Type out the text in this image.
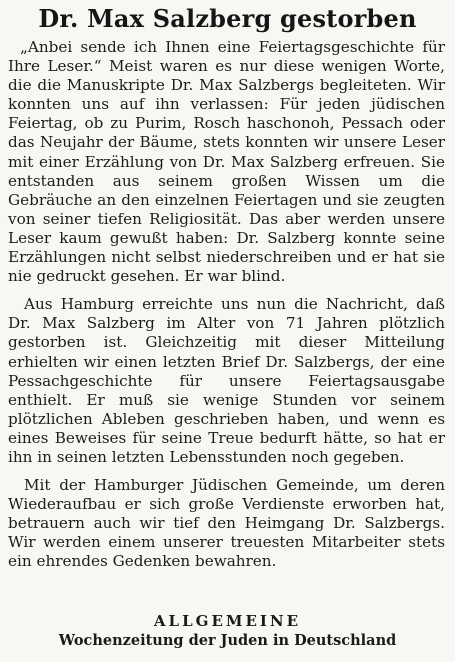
Dr. Max Salzberg gestorben

„Anbei sende ich Ihnen eine Feiertagsgeschichte für Ihre Leser.“ Meist waren es nur diese wenigen Worte, die die Manuskripte Dr. Max Salzbergs begleiteten. Wir konnten uns auf ihn verlassen: Für jeden jüdischen Feiertag, ob zu Purim, Rosch haschonoh, Pessach oder das Neujahr der Bäume, stets konnten wir unsere Leser mit einer Erzählung von Dr. Max Salzberg erfreuen. Sie entstanden aus seinem großen Wissen um die Gebräuche an den einzelnen Feiertagen und sie zeugten von seiner tiefen Religiosität. Das aber werden unsere Leser kaum gewußt haben: Dr. Salzberg konnte seine Erzählungen nicht selbst niederschreiben und er hat sie nie gedruckt gesehen. Er war blind.

Aus Hamburg erreichte uns nun die Nachricht, daß Dr. Max Salzberg im Alter von 71 Jahren plötzlich gestorben ist. Gleichzeitig mit dieser Mitteilung erhielten wir einen letzten Brief Dr. Salzbergs, der eine Pessachgeschichte für unsere Feiertagsausgabe enthielt. Er muß sie wenige Stunden vor seinem plötzlichen Ableben geschrieben haben, und wenn es eines Beweises für seine Treue bedurft hätte, so hat er ihn in seinen letzten Lebensstunden noch gegeben.

Mit der Hamburger Jüdischen Gemeinde, um deren Wiederaufbau er sich große Verdienste erworben hat, betrauern auch wir tief den Heimgang Dr. Salzbergs. Wir werden einem unserer treuesten Mitarbeiter stets ein ehrendes Gedenken bewahren.

ALLGEMEINE
Wochenzeitung der Juden in Deutschland
